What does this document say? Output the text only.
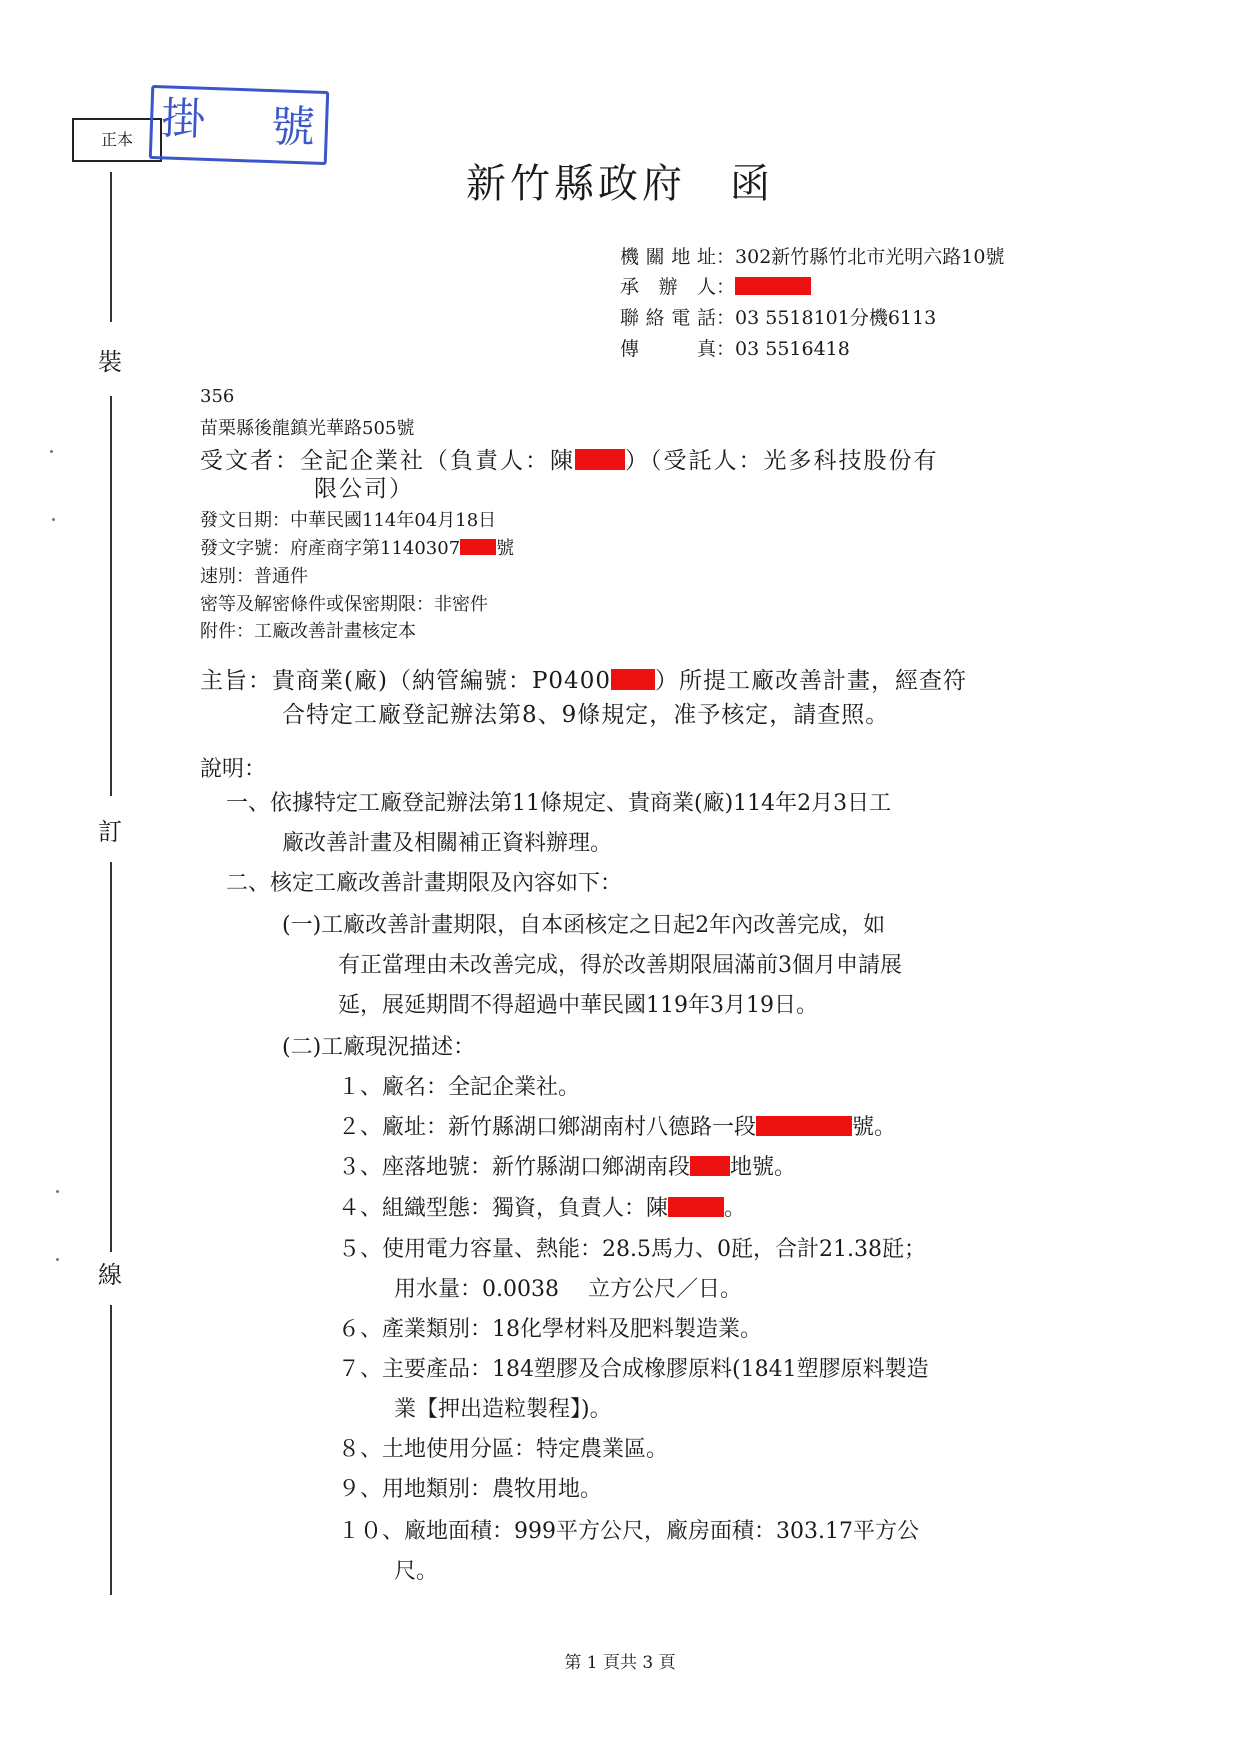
正本 掛 號
裝
訂
線
新竹縣政府　函
機關地址：302新竹縣竹北市光明六路10號
承辦人：
聯絡電話：03 5518101分機6113
傳真：03 5516418
356
苗栗縣後龍鎮光華路505號
受文者：全記企業社（負責人：陳 ）（受託人：光多科技股份有
限公司）
發文日期：中華民國114年04月18日
發文字號：府產商字第1140307 號
速別：普通件
密等及解密條件或保密期限：非密件
附件：工廠改善計畫核定本
主旨：貴商業(廠)（納管編號：P0400 ）所提工廠改善計畫，經查符
合特定工廠登記辦法第8、9條規定，准予核定，請查照。
說明：
一、依據特定工廠登記辦法第11條規定、貴商業(廠)114年2月3日工
廠改善計畫及相關補正資料辦理。
二、核定工廠改善計畫期限及內容如下：
(一)工廠改善計畫期限，自本函核定之日起2年內改善完成，如
有正當理由未改善完成，得於改善期限屆滿前3個月申請展
延，展延期間不得超過中華民國119年3月19日。
(二)工廠現況描述：
１、廠名：全記企業社。
２、廠址：新竹縣湖口鄉湖南村八德路一段	號。
３、座落地號：新竹縣湖口鄉湖南段 地號。
４、組織型態：獨資，負責人：陳	。
５、使用電力容量、熱能：28.5馬力、0瓩，合計21.38瓩；
用水量：0.0038　 立方公尺／日。
６、產業類別：18化學材料及肥料製造業。
７、主要產品：184塑膠及合成橡膠原料(1841塑膠原料製造
業【押出造粒製程】)。
８、土地使用分區：特定農業區。
９、用地類別：農牧用地。
１０、廠地面積：999平方公尺，廠房面積：303.17平方公
尺。
第 1 頁共 3 頁
